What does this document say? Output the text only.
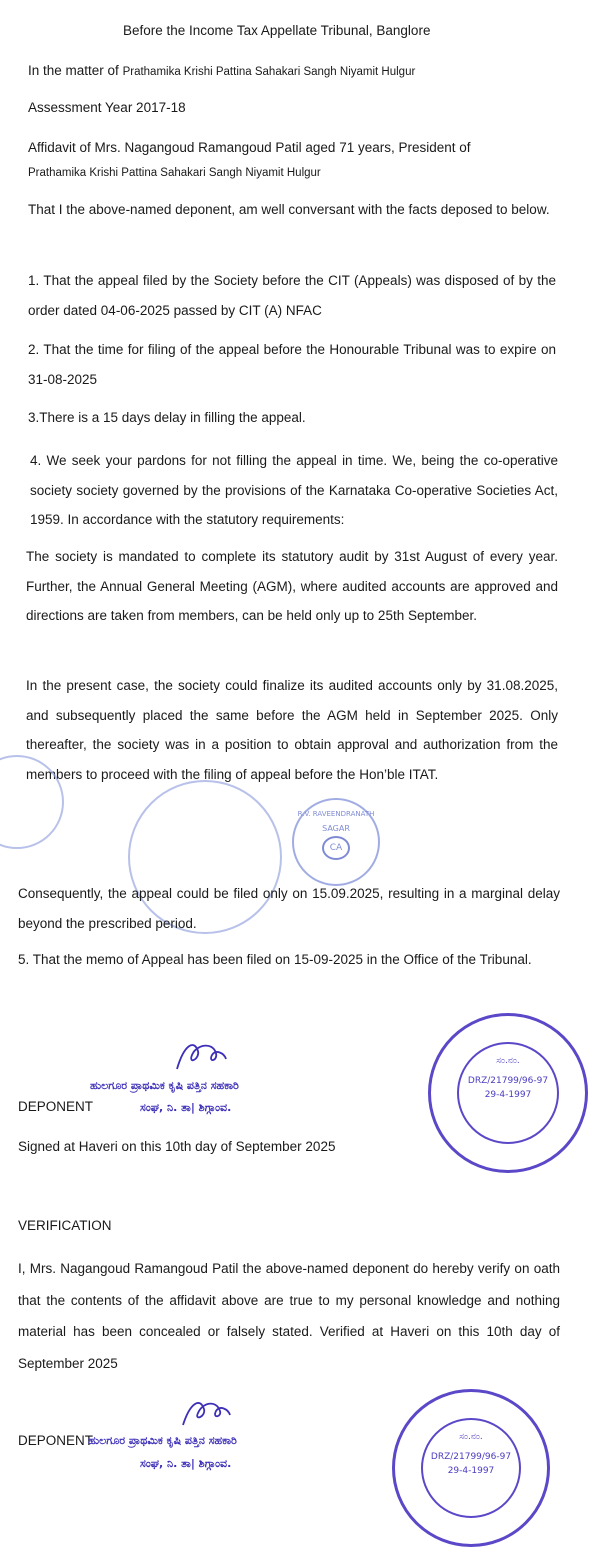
Before the Income Tax Appellate Tribunal, Banglore
In the matter of Prathamika Krishi Pattina Sahakari Sangh Niyamit Hulgur
Assessment Year 2017-18
Affidavit of Mrs. Nagangoud Ramangoud Patil aged 71 years, President of
Prathamika Krishi Pattina Sahakari Sangh Niyamit Hulgur
That I the above-named deponent, am well conversant with the facts deposed to below.
1. That the appeal filed by the Society before the CIT (Appeals) was disposed of by the order dated 04-06-2025 passed by CIT (A) NFAC
2. That the time for filing of the appeal before the Honourable Tribunal was to expire on 31-08-2025
3.There is a 15 days delay in filling the appeal.
4. We seek your pardons for not filling the appeal in time. We, being the co-operative society society governed by the provisions of the Karnataka Co-operative Societies Act, 1959. In accordance with the statutory requirements:
The society is mandated to complete its statutory audit by 31st August of every year. Further, the Annual General Meeting (AGM), where audited accounts are approved and directions are taken from members, can be held only up to 25th September.
In the present case, the society could finalize its audited accounts only by 31.08.2025, and subsequently placed the same before the AGM held in September 2025. Only thereafter, the society was in a position to obtain approval and authorization from the members to proceed with the filing of appeal before the Hon’ble ITAT.
R.V. RAVEENDRANATH
SAGAR
CA
Consequently, the appeal could be filed only on 15.09.2025, resulting in a marginal delay beyond the prescribed period.
5. That the memo of Appeal has been filed on 15-09-2025 in the Office of the Tribunal.
ಹುಲಗೂರ ಪ್ರಾಥಮಿಕ ಕೃಷಿ ಪತ್ತಿನ ಸಹಕಾರಿ
ಸಂಘ, ನಿ. ತಾ| ಶಿಗ್ಗಾಂವ.
DEPONENT
Signed at Haveri on this 10th day of September 2025
ಸಂ.ನಂ.
DRZ/21799/96-97
29-4-1997
VERIFICATION
I, Mrs. Nagangoud Ramangoud Patil the above-named deponent do hereby verify on oath that the contents of the affidavit above are true to my personal knowledge and nothing material has been concealed or falsely stated. Verified at Haveri on this 10th day of September 2025
DEPONENT
ಹುಲಗೂರ ಪ್ರಾಥಮಿಕ ಕೃಷಿ ಪತ್ತಿನ ಸಹಕಾರಿ
ಸಂಘ, ನಿ. ತಾ| ಶಿಗ್ಗಾಂವ.
ಸಂ.ನಂ.
DRZ/21799/96-97
29-4-1997
